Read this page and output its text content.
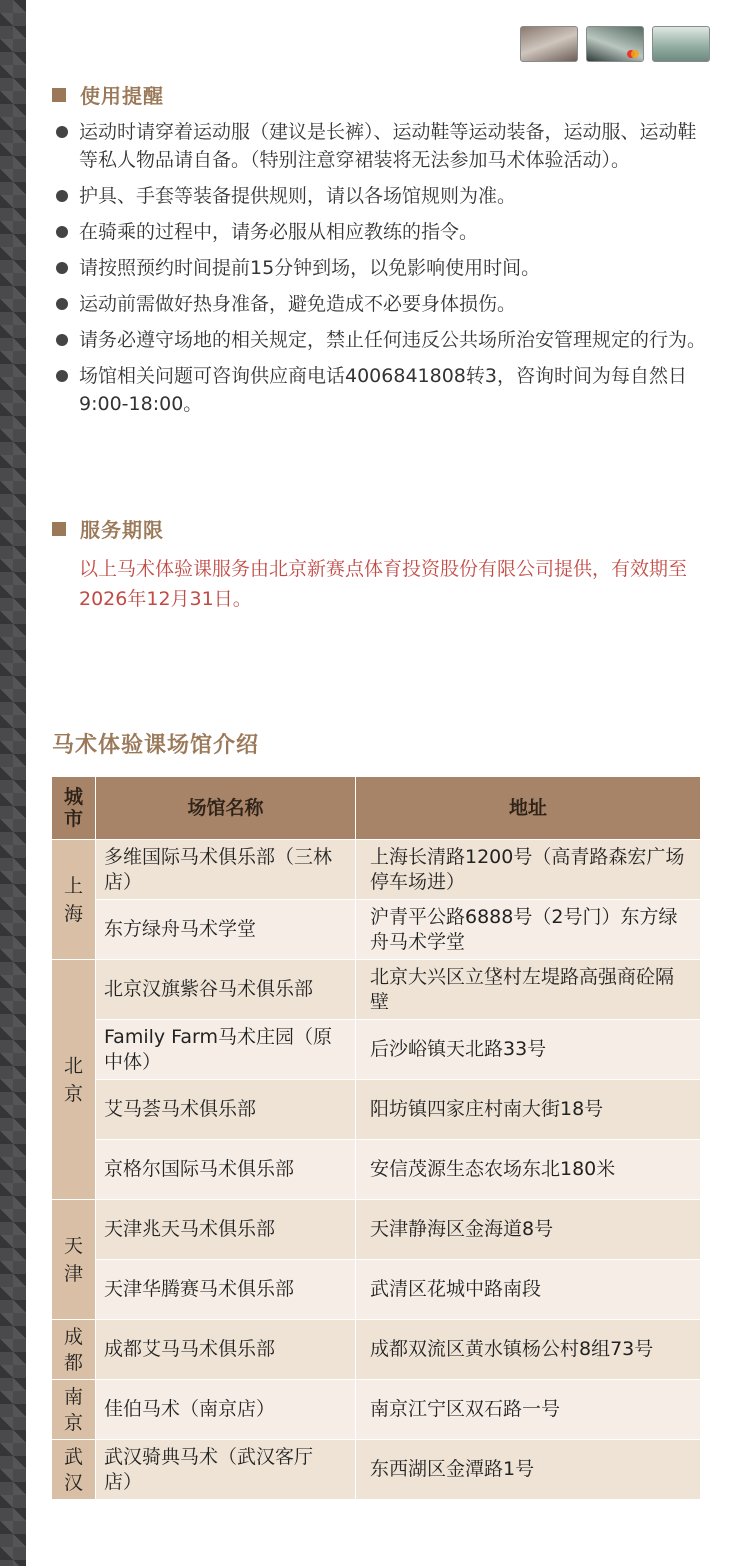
使用提醒
运动时请穿着运动服（建议是长裤）、运动鞋等运动装备，运动服、运动鞋等私人物品请自备。（特别注意穿裙装将无法参加马术体验活动）。
护具、手套等装备提供规则，请以各场馆规则为准。
在骑乘的过程中，请务必服从相应教练的指令。
请按照预约时间提前15分钟到场，以免影响使用时间。
运动前需做好热身准备，避免造成不必要身体损伤。
请务必遵守场地的相关规定，禁止任何违反公共场所治安管理规定的行为。
场馆相关问题可咨询供应商电话4006841808转3，咨询时间为每自然日9:00-18:00。
服务期限
以上马术体验课服务由北京新赛点体育投资股份有限公司提供，有效期至2026年12月31日。
马术体验课场馆介绍
城市	场馆名称	地址
上海	多维国际马术俱乐部（三林店）	上海长清路1200号（高青路森宏广场停车场进）
	东方绿舟马术学堂	沪青平公路6888号（2号门）东方绿舟马术学堂
北京	北京汉旗紫谷马术俱乐部	北京大兴区立垡村左堤路高强商砼隔壁
	Family Farm马术庄园（原中体）	后沙峪镇天北路33号
	艾马荟马术俱乐部	阳坊镇四家庄村南大街18号
	京格尔国际马术俱乐部	安信茂源生态农场东北180米
天津	天津兆天马术俱乐部	天津静海区金海道8号
	天津华腾赛马术俱乐部	武清区花城中路南段
成都	成都艾马马术俱乐部	成都双流区黄水镇杨公村8组73号
南京	佳伯马术（南京店）	南京江宁区双石路一号
武汉	武汉骑典马术（武汉客厅店）	东西湖区金潭路1号
